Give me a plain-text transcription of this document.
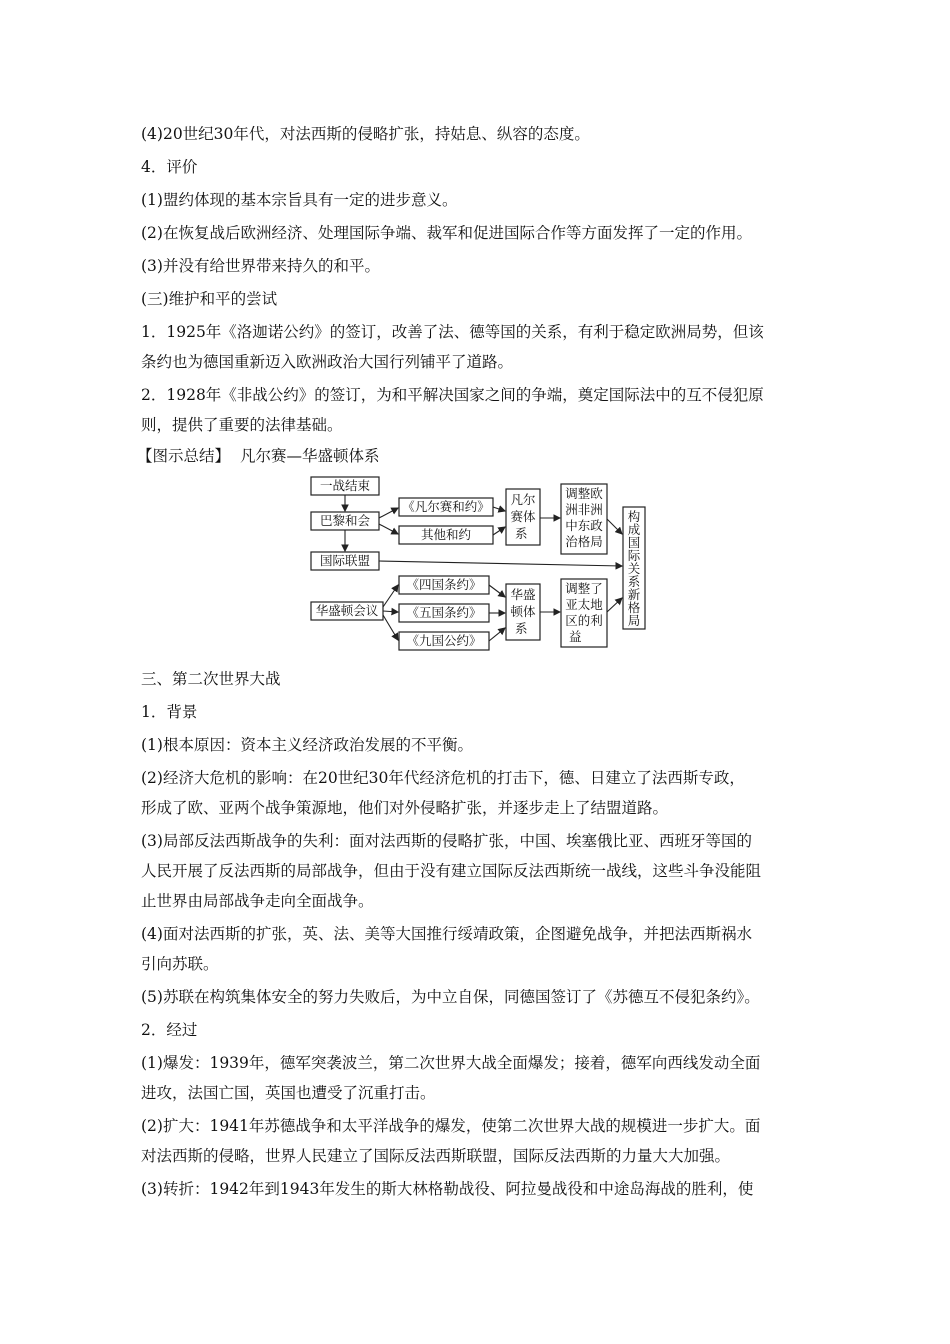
(4)20世纪30年代，对法西斯的侵略扩张，持姑息、纵容的态度。
4．评价
(1)盟约体现的基本宗旨具有一定的进步意义。
(2)在恢复战后欧洲经济、处理国际争端、裁军和促进国际合作等方面发挥了一定的作用。
(3)并没有给世界带来持久的和平。
(三)维护和平的尝试
1．1925年《洛迦诺公约》的签订，改善了法、德等国的关系，有利于稳定欧洲局势，但该
条约也为德国重新迈入欧洲政治大国行列铺平了道路。
2．1928年《非战公约》的签订，为和平解决国家之间的争端，奠定国际法中的互不侵犯原
则，提供了重要的法律基础。
【图示总结】 凡尔赛—华盛顿体系
一战结束
巴黎和会
《凡尔赛和约》
其他和约
凡尔
赛体
系
调整欧
洲非洲
中东政
治格局
国际联盟
华盛顿会议
《四国条约》
《五国条约》
《九国公约》
华盛
顿体
系
调整了
亚太地
区的利
益
构
成
国
际
关
系
新
格
局
三、第二次世界大战
1．背景
(1)根本原因：资本主义经济政治发展的不平衡。
(2)经济大危机的影响：在20世纪30年代经济危机的打击下，德、日建立了法西斯专政，
形成了欧、亚两个战争策源地，他们对外侵略扩张，并逐步走上了结盟道路。
(3)局部反法西斯战争的失利：面对法西斯的侵略扩张，中国、埃塞俄比亚、西班牙等国的
人民开展了反法西斯的局部战争，但由于没有建立国际反法西斯统一战线，这些斗争没能阻
止世界由局部战争走向全面战争。
(4)面对法西斯的扩张，英、法、美等大国推行绥靖政策，企图避免战争，并把法西斯祸水
引向苏联。
(5)苏联在构筑集体安全的努力失败后，为中立自保，同德国签订了《苏德互不侵犯条约》。
2．经过
(1)爆发：1939年，德军突袭波兰，第二次世界大战全面爆发；接着，德军向西线发动全面
进攻，法国亡国，英国也遭受了沉重打击。
(2)扩大：1941年苏德战争和太平洋战争的爆发，使第二次世界大战的规模进一步扩大。面
对法西斯的侵略，世界人民建立了国际反法西斯联盟，国际反法西斯的力量大大加强。
(3)转折：1942年到1943年发生的斯大林格勒战役、阿拉曼战役和中途岛海战的胜利，使
